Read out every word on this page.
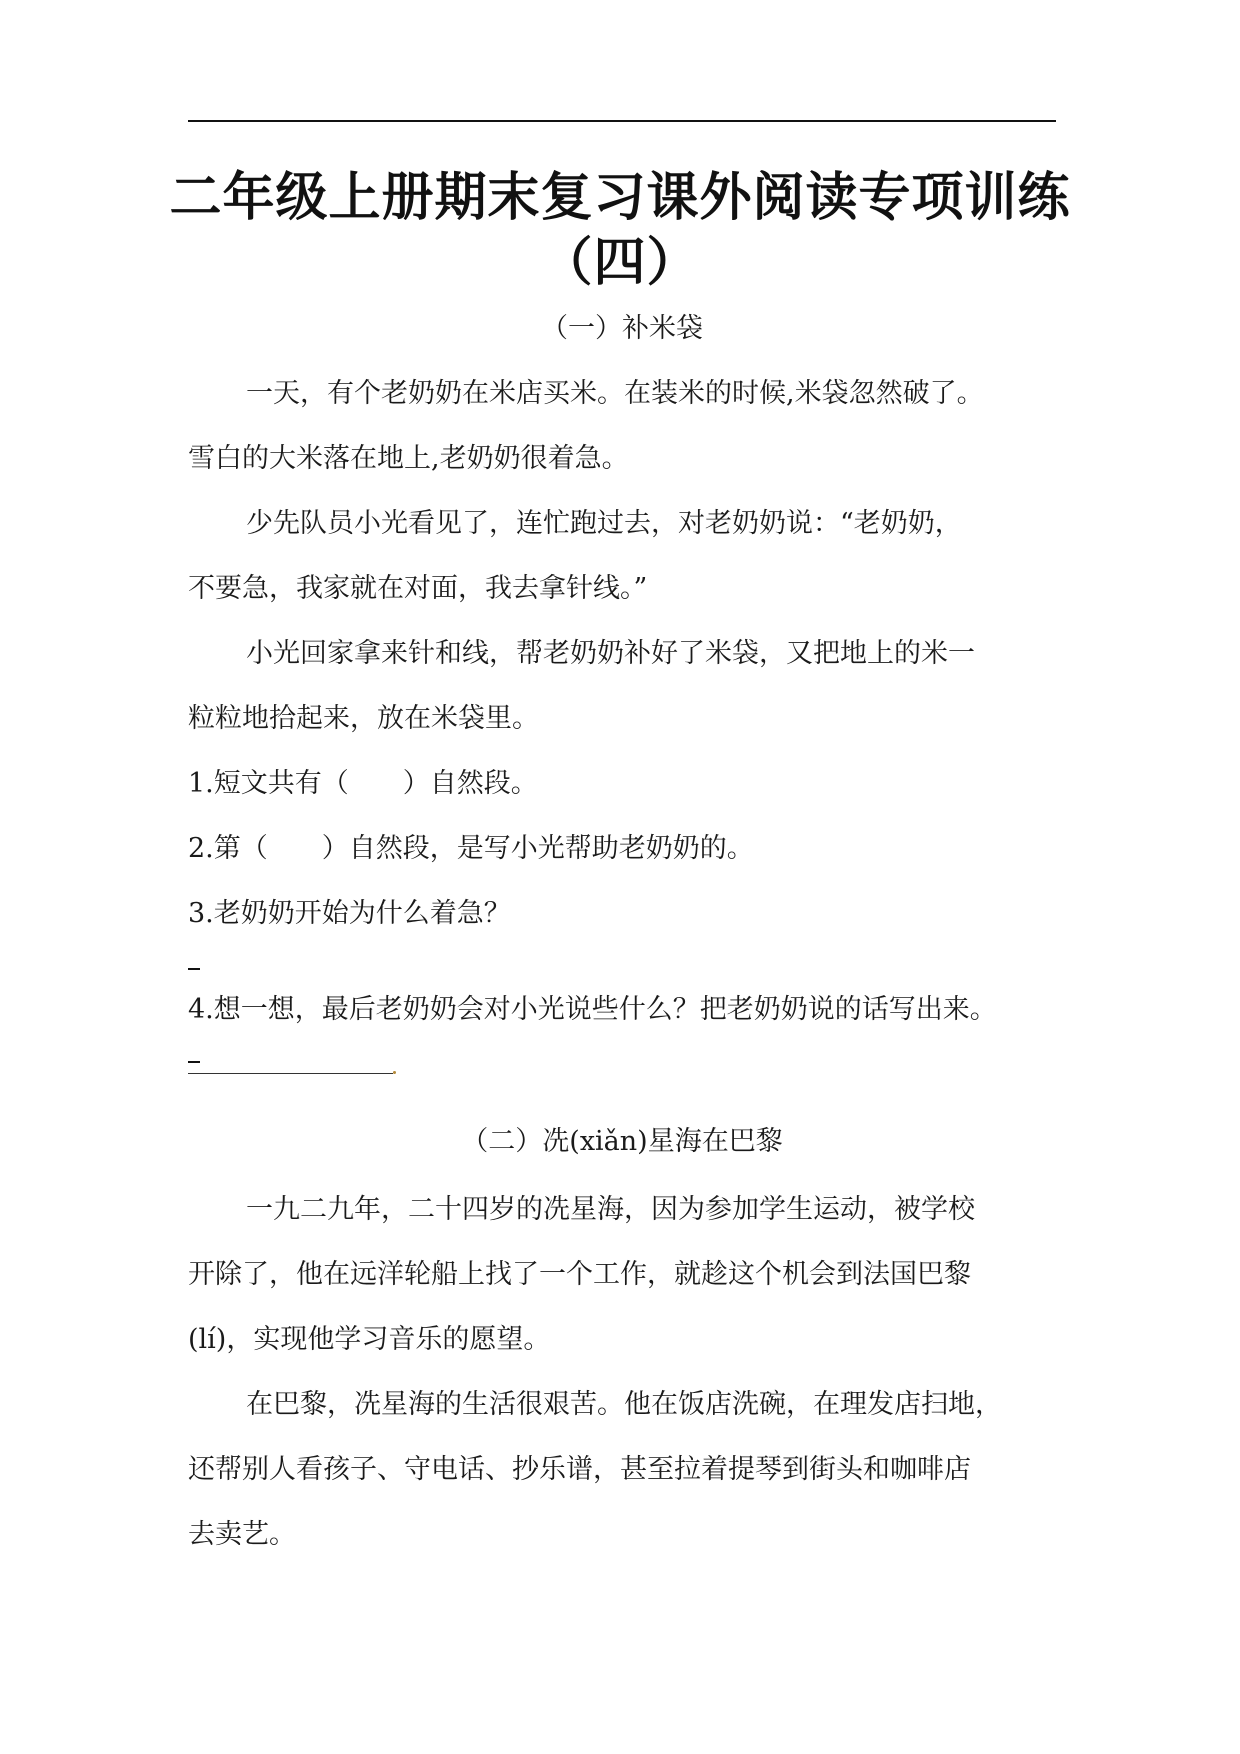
二年级上册期末复习课外阅读专项训练
（四）
（一）补米袋
一天，有个老奶奶在米店买米。在装米的时候,米袋忽然破了。
雪白的大米落在地上,老奶奶很着急。
少先队员小光看见了，连忙跑过去，对老奶奶说：“老奶奶，
不要急，我家就在对面，我去拿针线。”
小光回家拿来针和线，帮老奶奶补好了米袋，又把地上的米一
粒粒地拾起来，放在米袋里。
1.短文共有（　　）自然段。
2.第（　　）自然段，是写小光帮助老奶奶的。
3.老奶奶开始为什么着急？
4.想一想，最后老奶奶会对小光说些什么？把老奶奶说的话写出来。
（二）冼(xiǎn)星海在巴黎
一九二九年，二十四岁的冼星海，因为参加学生运动，被学校
开除了，他在远洋轮船上找了一个工作，就趁这个机会到法国巴黎
(lí)，实现他学习音乐的愿望。
在巴黎，冼星海的生活很艰苦。他在饭店洗碗，在理发店扫地，
还帮别人看孩子、守电话、抄乐谱，甚至拉着提琴到街头和咖啡店
去卖艺。
